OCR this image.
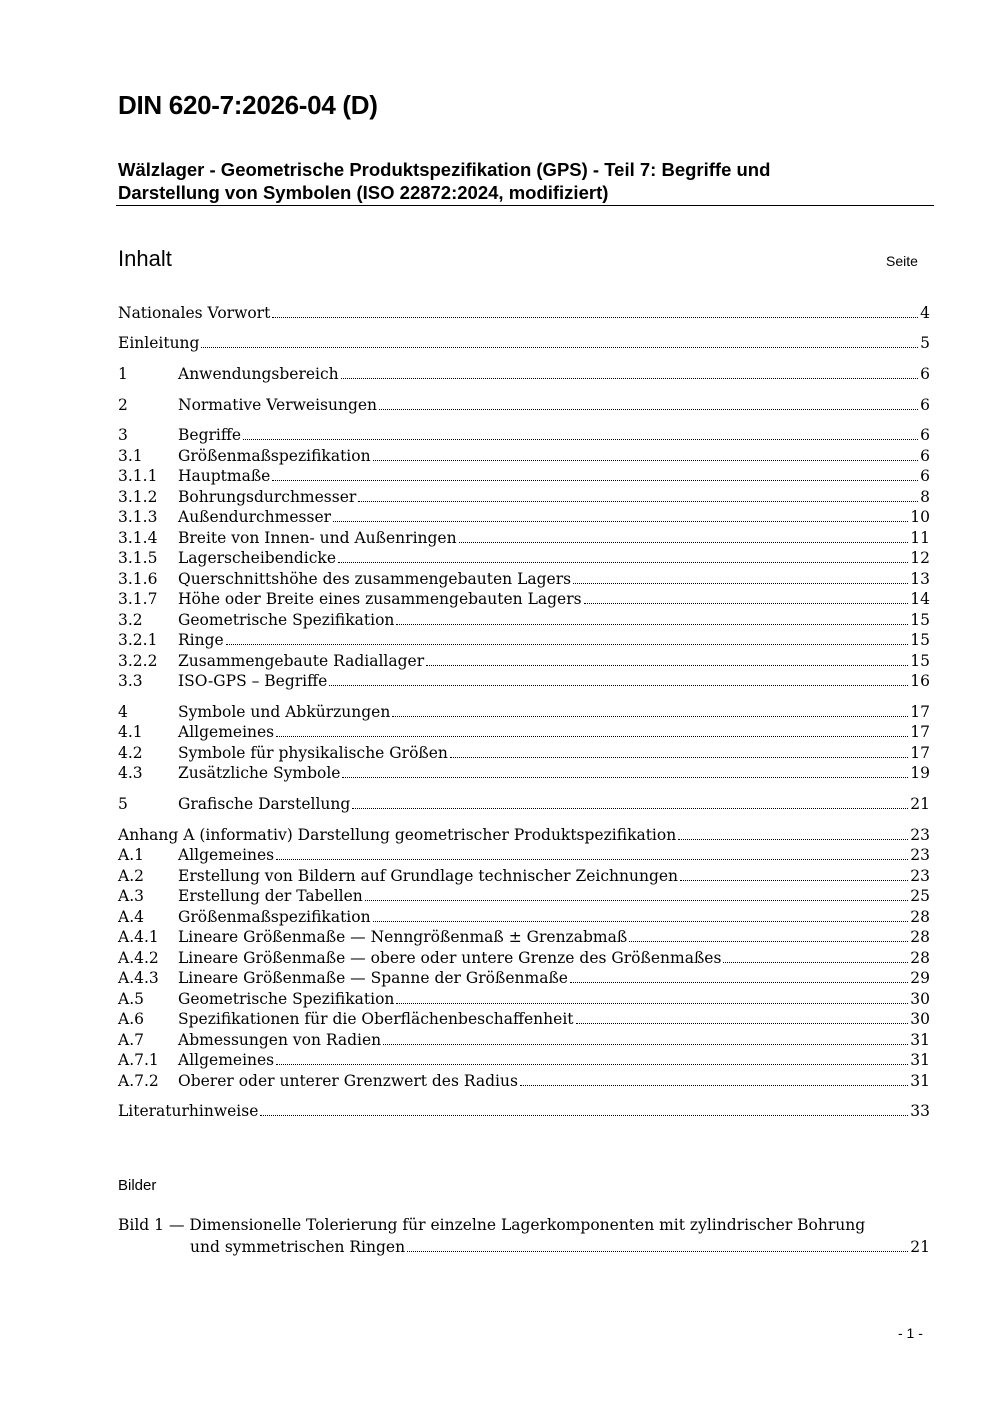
DIN 620-7:2026-04 (D)
Wälzlager - Geometrische Produktspezifikation (GPS) - Teil 7: Begriffe und
Darstellung von Symbolen (ISO 22872:2024, modifiziert)
Inhalt	Seite
Nationales Vorwort	4
Einleitung	5
1	Anwendungsbereich	6
2	Normative Verweisungen	6
3	Begriffe	6
3.1 Größenmaßspezifikation	6
3.1.1 Hauptmaße	6
3.1.2 Bohrungsdurchmesser	8
3.1.3 Außendurchmesser	10
3.1.4 Breite von Innen- und Außenringen	11
3.1.5 Lagerscheibendicke	12
3.1.6 Querschnittshöhe des zusammengebauten Lagers	13
3.1.7 Höhe oder Breite eines zusammengebauten Lagers	14
3.2 Geometrische Spezifikation	15
3.2.1 Ringe	15
3.2.2 Zusammengebaute Radiallager	15
3.3 ISO-GPS – Begriffe	16
4	Symbole und Abkürzungen	17
4.1 Allgemeines	17
4.2 Symbole für physikalische Größen	17
4.3 Zusätzliche Symbole	19
5	Grafische Darstellung	21
Anhang A (informativ) Darstellung geometrischer Produktspezifikation	23
A.1 Allgemeines	23
A.2 Erstellung von Bildern auf Grundlage technischer Zeichnungen	23
A.3 Erstellung der Tabellen	25
A.4 Größenmaßspezifikation	28
A.4.1 Lineare Größenmaße — Nenngrößenmaß ± Grenzabmaß	28
A.4.2 Lineare Größenmaße — obere oder untere Grenze des Größenmaßes	28
A.4.3 Lineare Größenmaße — Spanne der Größenmaße	29
A.5 Geometrische Spezifikation	30
A.6 Spezifikationen für die Oberflächenbeschaffenheit	30
A.7 Abmessungen von Radien	31
A.7.1 Allgemeines	31
A.7.2 Oberer oder unterer Grenzwert des Radius	31
Literaturhinweise	33
Bilder
Bild 1 — Dimensionelle Tolerierung für einzelne Lagerkomponenten mit zylindrischer Bohrung
und symmetrischen Ringen	21
- 1 -
